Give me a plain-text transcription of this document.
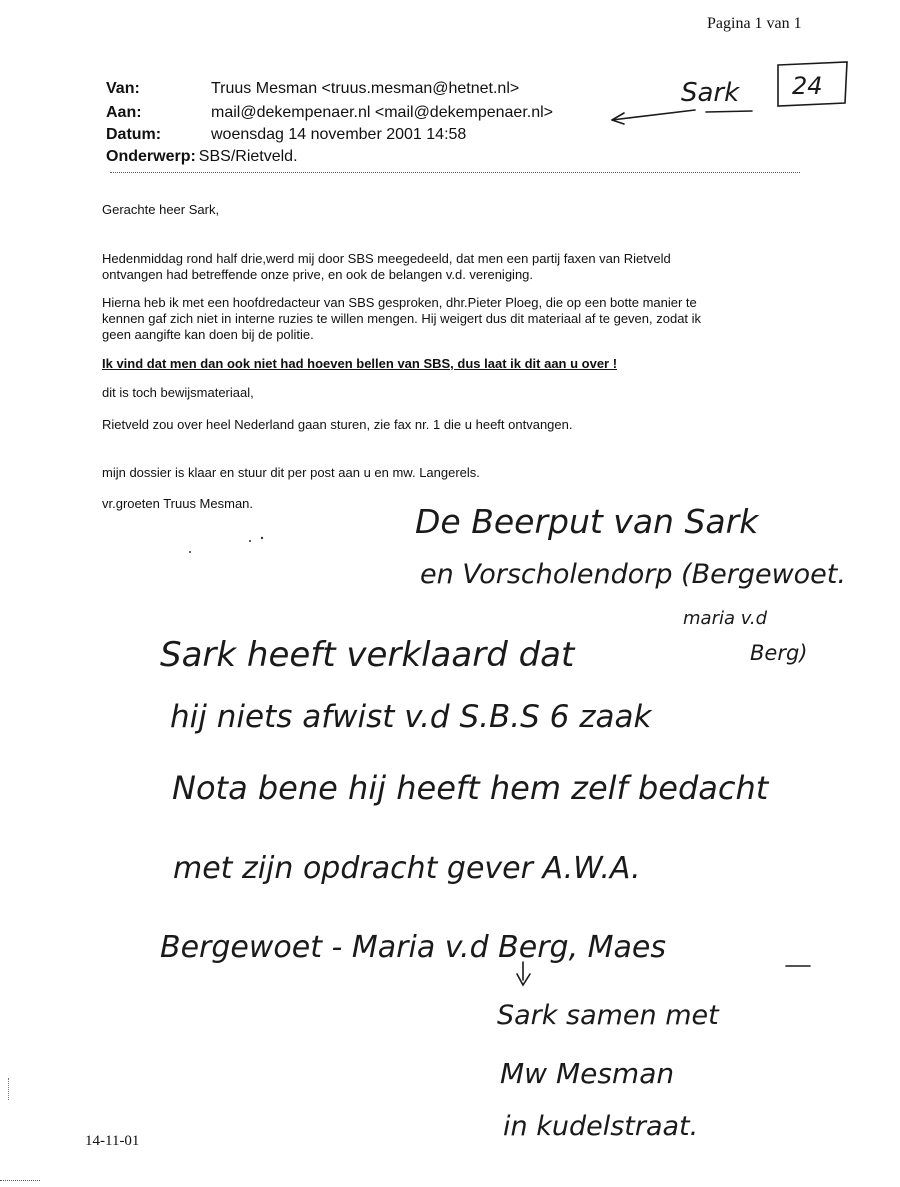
Pagina 1 van 1
Van:	Truus Mesman <truus.mesman@hetnet.nl>
Aan:	mail@dekempenaer.nl <mail@dekempenaer.nl>
Datum:	woensdag 14 november 2001 14:58
Onderwerp: SBS/Rietveld.
Gerachte heer Sark,
Hedenmiddag rond half drie,werd mij door SBS meegedeeld, dat men een partij faxen van Rietveld
ontvangen had betreffende onze prive, en ook de belangen v.d. vereniging.
Hierna heb ik met een hoofdredacteur van SBS gesproken, dhr.Pieter Ploeg, die op een botte manier te
kennen gaf zich niet in interne ruzies te willen mengen. Hij weigert dus dit materiaal af te geven, zodat ik
geen aangifte kan doen bij de politie.
Ik vind dat men dan ook niet had hoeven bellen van SBS, dus laat ik dit aan u over !
dit is toch bewijsmateriaal,
Rietveld zou over heel Nederland gaan sturen, zie fax nr. 1 die u heeft ontvangen.
mijn dossier is klaar en stuur dit per post aan u en mw. Langerels.
vr.groeten Truus Mesman.
Sark 24
De Beerput van Sark
en Vorscholendorp (Bergewoet.
maria v.d
Sark heeft verklaard dat	Berg)
hij niets afwist v.d S.B.S 6 zaak
Nota bene hij heeft hem zelf bedacht
met zijn opdracht gever A.W.A.
Bergewoet - Maria v.d Berg, Maes
Sark samen met
Mw Mesman
in kudelstraat.
14-11-01
